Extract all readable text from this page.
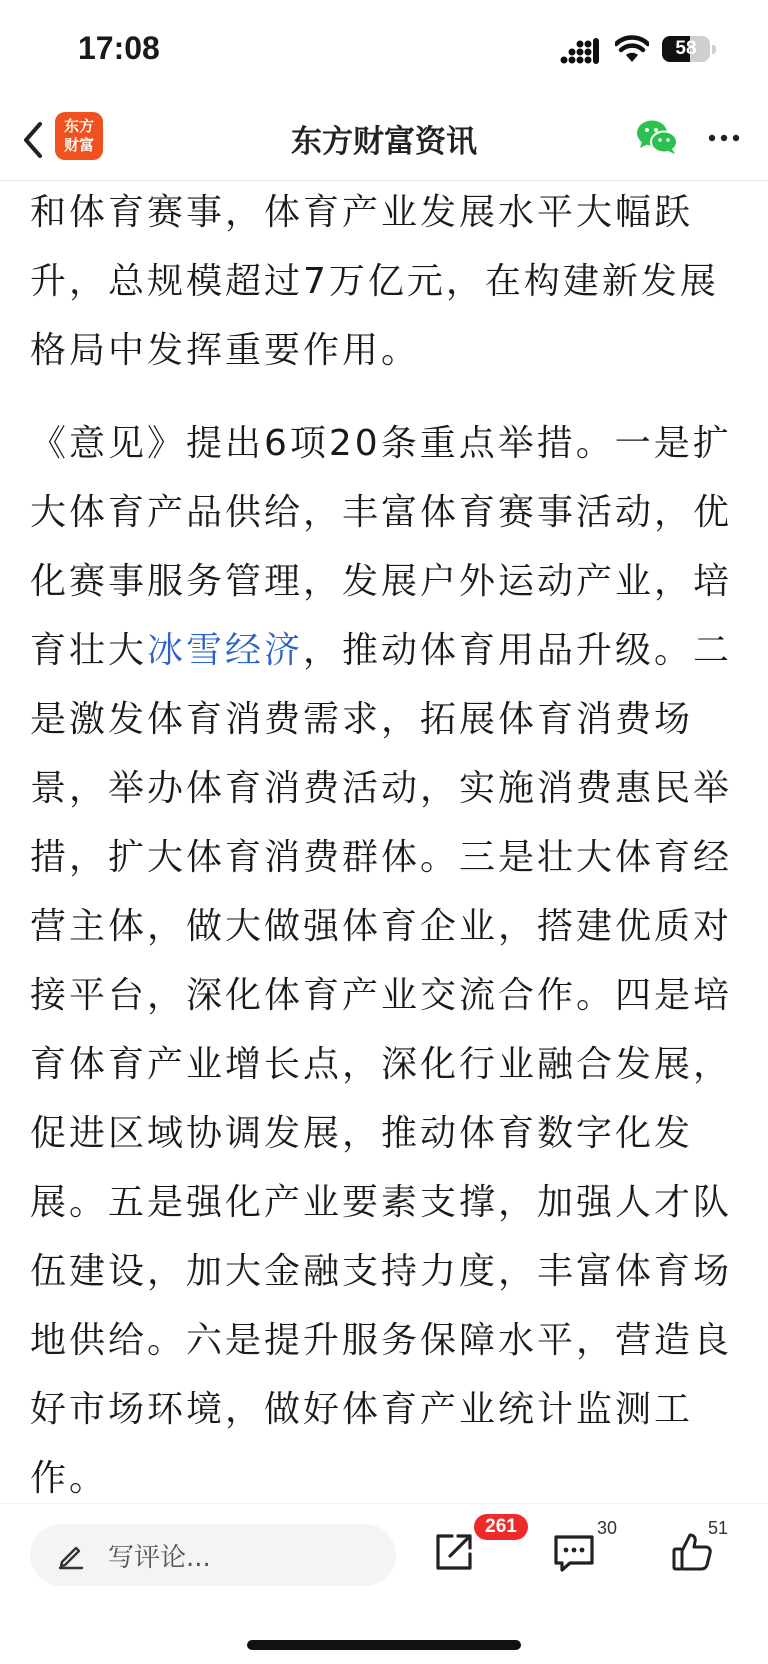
17:08	58
东方
财富	东方财富资讯

和体育赛事，体育产业发展水平大幅跃升，总规模超过7万亿元，在构建新发展格局中发挥重要作用。

《意见》提出6项20条重点举措。一是扩大体育产品供给，丰富体育赛事活动，优化赛事服务管理，发展户外运动产业，培育壮大冰雪经济，推动体育用品升级。二是激发体育消费需求，拓展体育消费场景，举办体育消费活动，实施消费惠民举措，扩大体育消费群体。三是壮大体育经营主体，做大做强体育企业，搭建优质对接平台，深化体育产业交流合作。四是培育体育产业增长点，深化行业融合发展，促进区域协调发展，推动体育数字化发展。五是强化产业要素支撑，加强人才队伍建设，加大金融支持力度，丰富体育场地供给。六是提升服务保障水平，营造良好市场环境，做好体育产业统计监测工作。

写评论...
261	30	51
